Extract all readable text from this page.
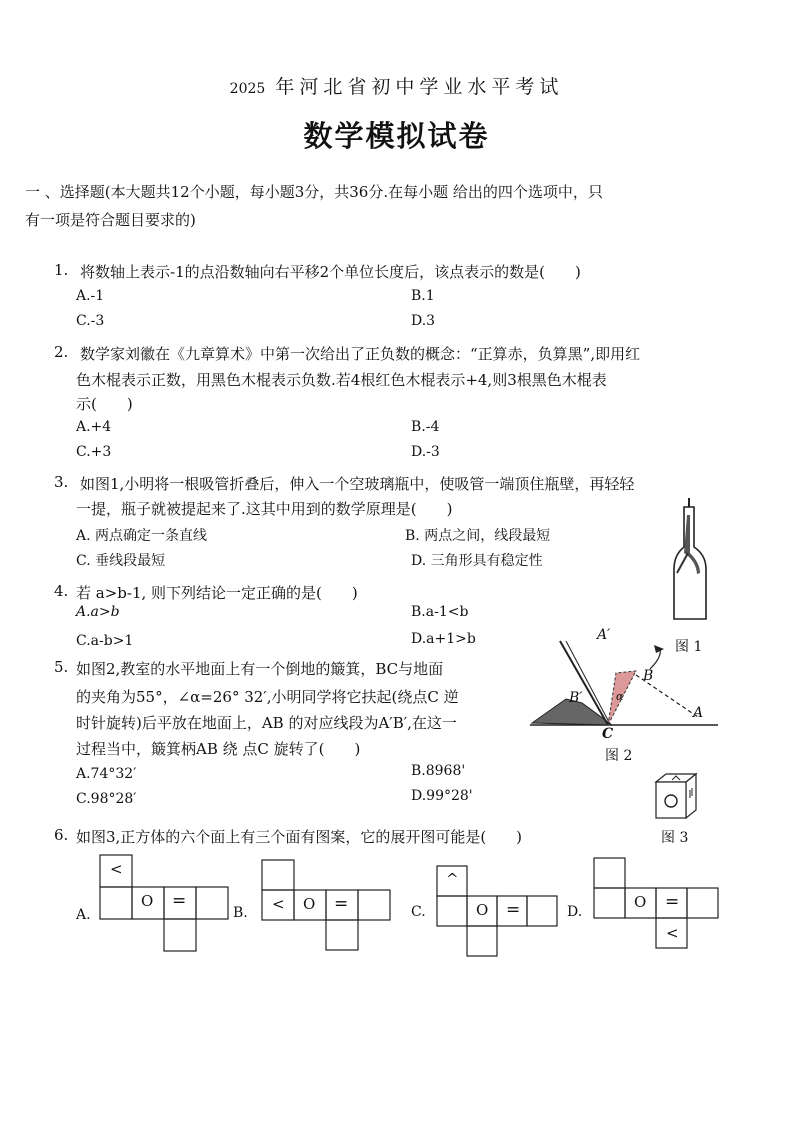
2025 年河北省初中学业水平考试
数学模拟试卷
一 、选择题(本大题共12个小题，每小题3分，共36分.在每小题 给出的四个选项中，只
有一项是符合题目要求的)
1. 将数轴上表示-1的点沿数轴向右平移2个单位长度后，该点表示的数是(　　)
A.-1	B.1
C.-3	D.3
2. 数学家刘徽在《九章算术》中第一次给出了正负数的概念：“正算赤，负算黑”,即用红
色木棍表示正数，用黑色木棍表示负数.若4根红色木棍表示+4,则3根黑色木棍表
示(　　)
A.+4	B.-4
C.+3	D.-3
3. 如图1,小明将一根吸管折叠后，伸入一个空玻璃瓶中，使吸管一端顶住瓶壁，再轻轻
一提，瓶子就被提起来了.这其中用到的数学原理是(　　)
A. 两点确定一条直线	B. 两点之间，线段最短
C. 垂线段最短	D. 三角形具有稳定性
4. 若 a>b-1, 则下列结论一定正确的是(　　)
A.a>b	B.a-1<b
C.a-b>1	D.a+1>b
5. 如图2,教室的水平地面上有一个倒地的簸箕，BC与地面
的夹角为55°，∠α=26° 32′,小明同学将它扶起(绕点C 逆
时针旋转)后平放在地面上，AB 的对应线段为A′B′,在这一
过程当中，簸箕柄AB 绕 点C 旋转了(　　)
A.74°32′	B.8968'
C.98°28′	D.99°28'
6. 如图3,正方体的六个面上有三个面有图案，它的展开图可能是(　　)
A.	B.	C.	D.
图 1
A′
B′
B
A
C
α
图 2
图 3
<
O =	< O =
^
O =	O =
<
